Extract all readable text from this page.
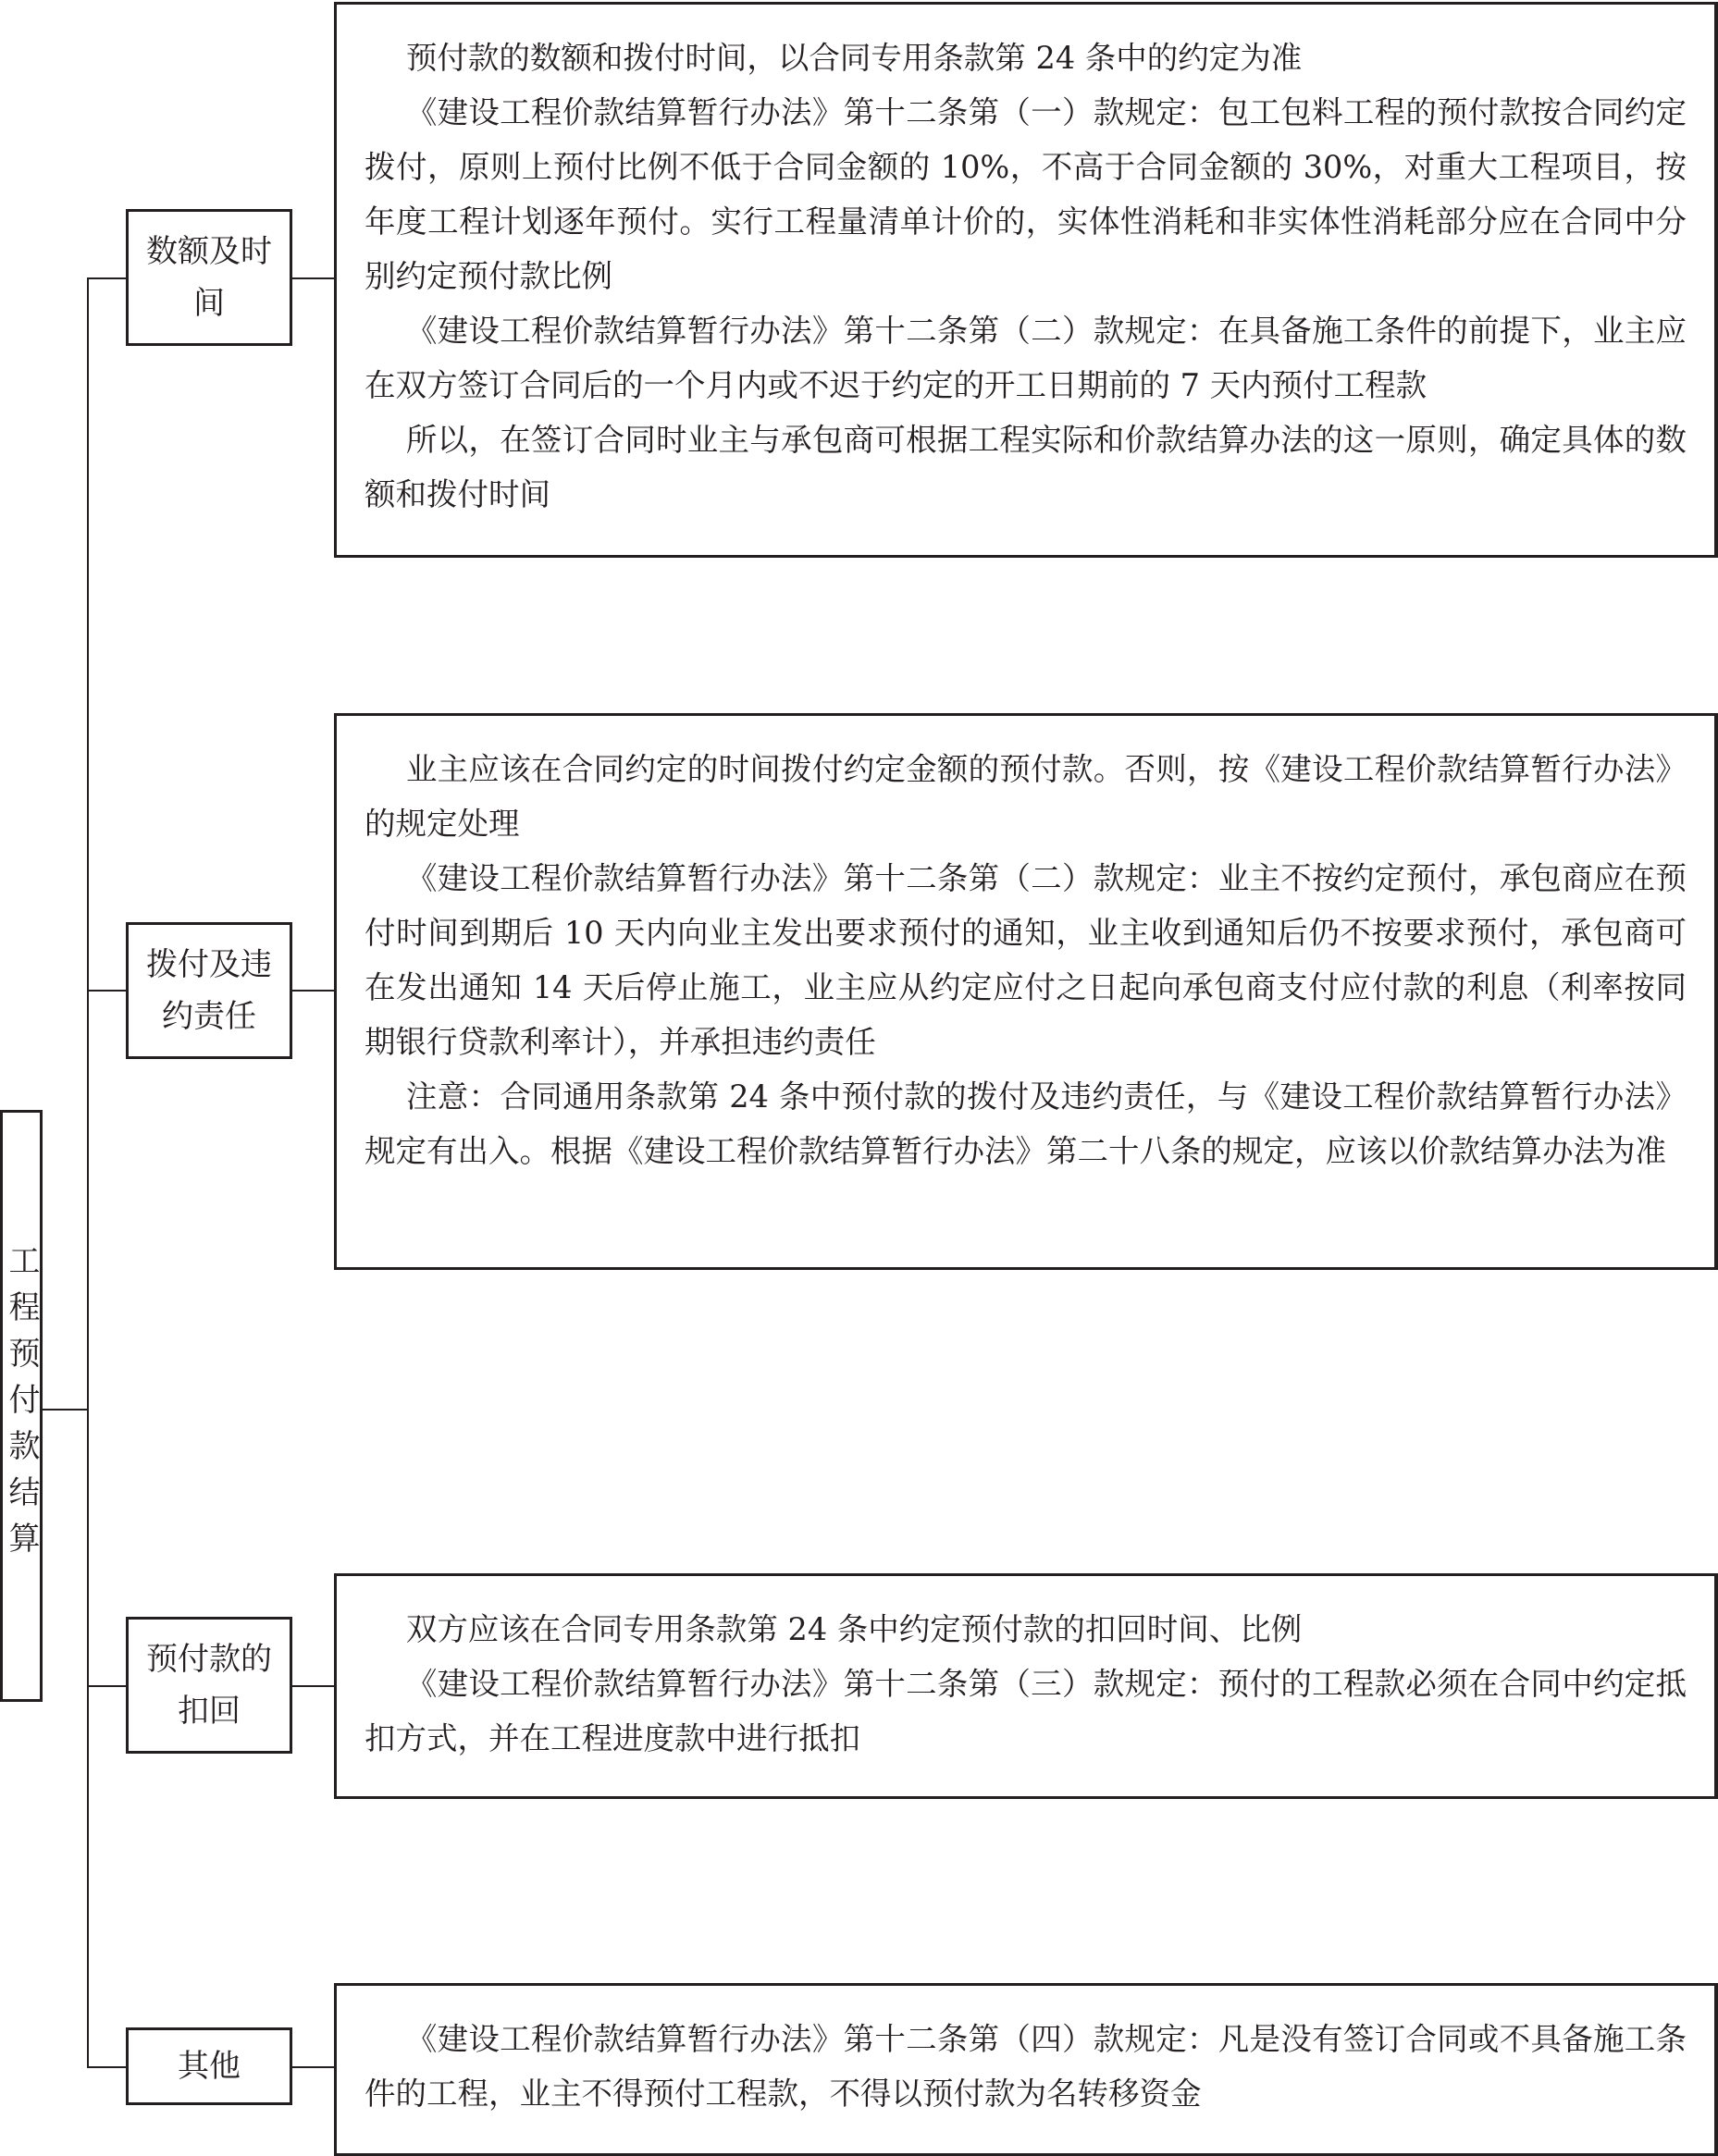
工程预付款结算
数额及时间
拨付及违约责任
预付款的扣回
其他

预付款的数额和拨付时间，以合同专用条款第 24 条中的约定为准

《建设工程价款结算暂行办法》第十二条第（一）款规定：包工包料工程的预付款按合同约定拨付，原则上预付比例不低于合同金额的 10%，不高于合同金额的 30%，对重大工程项目，按年度工程计划逐年预付。实行工程量清单计价的，实体性消耗和非实体性消耗部分应在合同中分别约定预付款比例

《建设工程价款结算暂行办法》第十二条第（二）款规定：在具备施工条件的前提下，业主应在双方签订合同后的一个月内或不迟于约定的开工日期前的 7 天内预付工程款

所以，在签订合同时业主与承包商可根据工程实际和价款结算办法的这一原则，确定具体的数额和拨付时间

业主应该在合同约定的时间拨付约定金额的预付款。否则，按《建设工程价款结算暂行办法》的规定处理

《建设工程价款结算暂行办法》第十二条第（二）款规定：业主不按约定预付，承包商应在预付时间到期后 10 天内向业主发出要求预付的通知，业主收到通知后仍不按要求预付，承包商可在发出通知 14 天后停止施工，业主应从约定应付之日起向承包商支付应付款的利息（利率按同期银行贷款利率计），并承担违约责任

注意：合同通用条款第 24 条中预付款的拨付及违约责任，与《建设工程价款结算暂行办法》规定有出入。根据《建设工程价款结算暂行办法》第二十八条的规定，应该以价款结算办法为准

双方应该在合同专用条款第 24 条中约定预付款的扣回时间、比例

《建设工程价款结算暂行办法》第十二条第（三）款规定：预付的工程款必须在合同中约定抵扣方式，并在工程进度款中进行抵扣

《建设工程价款结算暂行办法》第十二条第（四）款规定：凡是没有签订合同或不具备施工条件的工程，业主不得预付工程款，不得以预付款为名转移资金
